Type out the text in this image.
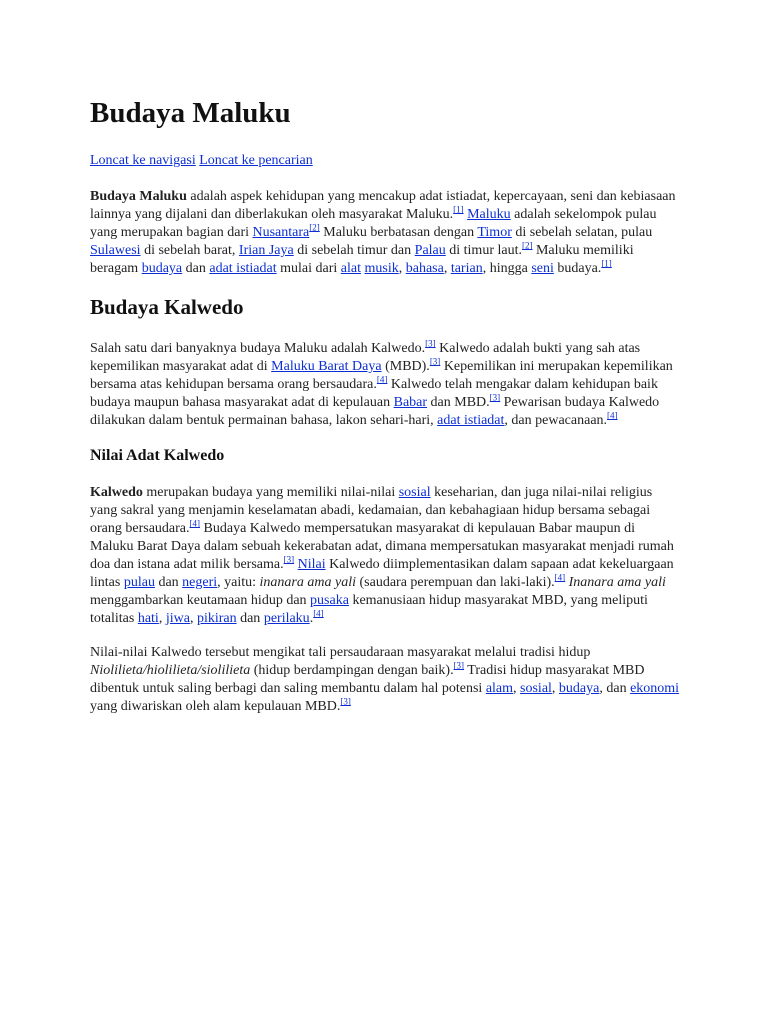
Budaya Maluku
Loncat ke navigasi Loncat ke pencarian

Budaya Maluku adalah aspek kehidupan yang mencakup adat istiadat, kepercayaan, seni dan kebiasaan lainnya yang dijalani dan diberlakukan oleh masyarakat Maluku.[1] Maluku adalah sekelompok pulau yang merupakan bagian dari Nusantara[2] Maluku berbatasan dengan Timor di sebelah selatan, pulau Sulawesi di sebelah barat, Irian Jaya di sebelah timur dan Palau di timur laut.[2] Maluku memiliki beragam budaya dan adat istiadat mulai dari alat musik, bahasa, tarian, hingga seni budaya.[1]

Budaya Kalwedo

Salah satu dari banyaknya budaya Maluku adalah Kalwedo.[3] Kalwedo adalah bukti yang sah atas kepemilikan masyarakat adat di Maluku Barat Daya (MBD).[3] Kepemilikan ini merupakan kepemilikan bersama atas kehidupan bersama orang bersaudara.[4] Kalwedo telah mengakar dalam kehidupan baik budaya maupun bahasa masyarakat adat di kepulauan Babar dan MBD.[3] Pewarisan budaya Kalwedo dilakukan dalam bentuk permainan bahasa, lakon sehari-hari, adat istiadat, dan pewacanaan.[4]

Nilai Adat Kalwedo

Kalwedo merupakan budaya yang memiliki nilai-nilai sosial keseharian, dan juga nilai-nilai religius yang sakral yang menjamin keselamatan abadi, kedamaian, dan kebahagiaan hidup bersama sebagai orang bersaudara.[4] Budaya Kalwedo mempersatukan masyarakat di kepulauan Babar maupun di Maluku Barat Daya dalam sebuah kekerabatan adat, dimana mempersatukan masyarakat menjadi rumah doa dan istana adat milik bersama.[3] Nilai Kalwedo diimplementasikan dalam sapaan adat kekeluargaan lintas pulau dan negeri, yaitu: inanara ama yali (saudara perempuan dan laki-laki).[4] Inanara ama yali menggambarkan keutamaan hidup dan pusaka kemanusiaan hidup masyarakat MBD, yang meliputi totalitas hati, jiwa, pikiran dan perilaku.[4]

Nilai-nilai Kalwedo tersebut mengikat tali persaudaraan masyarakat melalui tradisi hidup Niolilieta/hiolilieta/siolilieta (hidup berdampingan dengan baik).[3] Tradisi hidup masyarakat MBD dibentuk untuk saling berbagi dan saling membantu dalam hal potensi alam, sosial, budaya, dan ekonomi yang diwariskan oleh alam kepulauan MBD.[3]
